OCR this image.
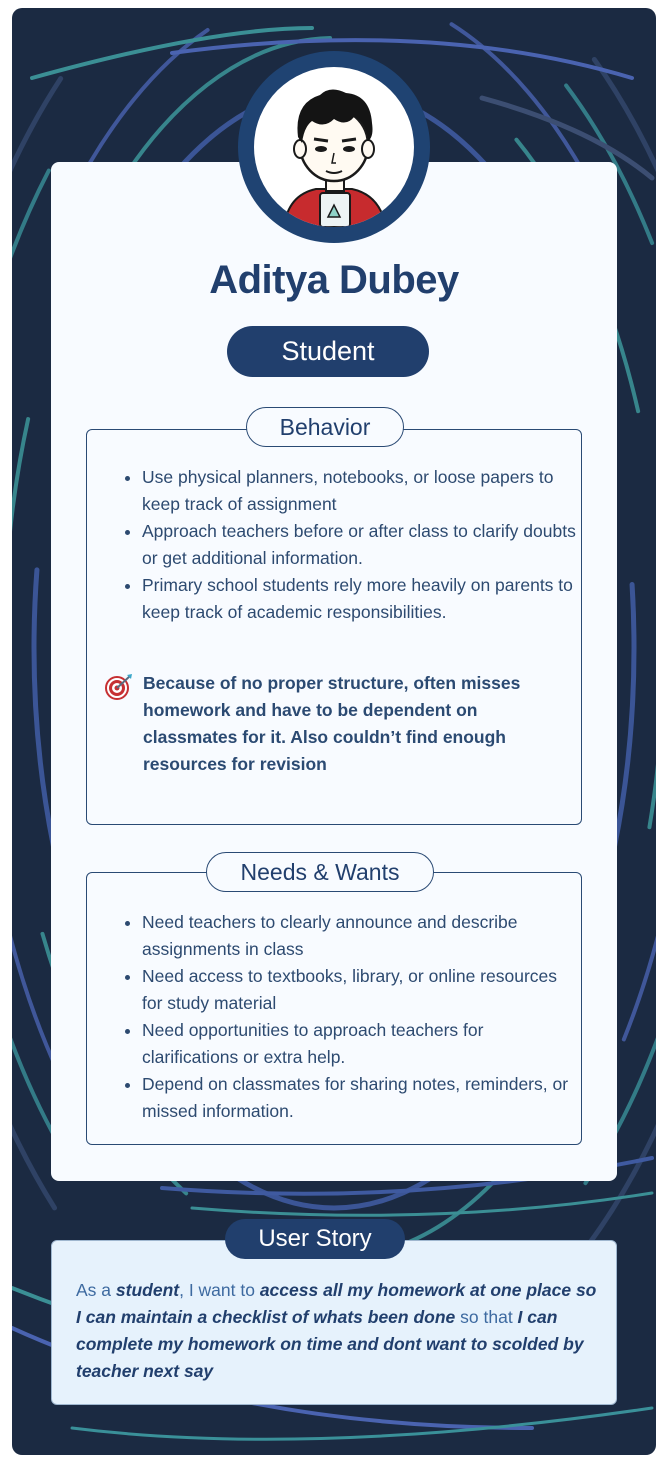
Aditya Dubey
Student
• Use physical planners, notebooks, or loose papers to keep track of assignment
• Approach teachers before or after class to clarify doubts or get additional information.
• Primary school students rely more heavily on parents to keep track of academic responsibilities.
Because of no proper structure, often misses homework and have to be dependent on classmates for it. Also couldn’t find enough resources for revision
Behavior
• Need teachers to clearly announce and describe assignments in class
• Need access to textbooks, library, or online resources for study material
• Need opportunities to approach teachers for clarifications or extra help.
• Depend on classmates for sharing notes, reminders, or missed information.
Needs & Wants
As a student, I want to access all my homework at one place so I can maintain a checklist of whats been done so that I can complete my homework on time and dont want to scolded by teacher next say
User Story
